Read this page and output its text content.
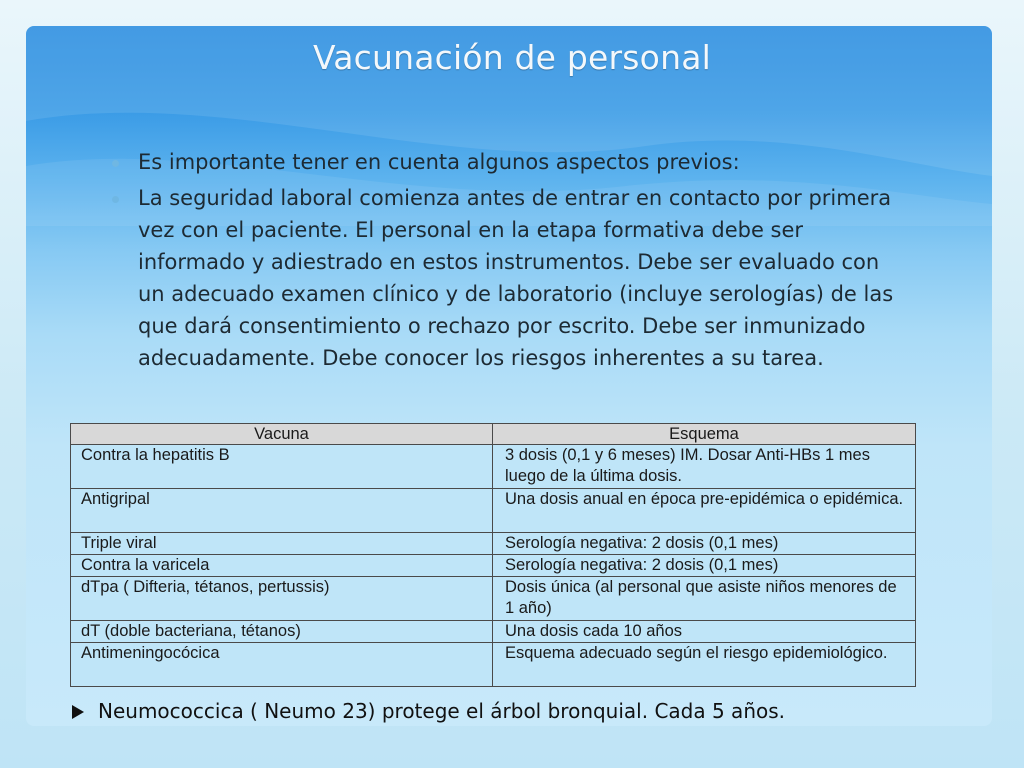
Vacunación de personal
Es importante tener en cuenta algunos aspectos previos:
La seguridad laboral comienza antes de entrar en contacto por primera vez con el paciente. El personal en la etapa formativa debe ser informado y adiestrado en estos instrumentos. Debe ser evaluado con un adecuado examen clínico y de laboratorio (incluye serologías) de las que dará consentimiento o rechazo por escrito. Debe ser inmunizado adecuadamente. Debe conocer los riesgos inherentes a su tarea.
Vacuna	Esquema
Contra la hepatitis B	3 dosis (0,1 y 6 meses) IM. Dosar Anti-HBs 1 mes luego de la última dosis.
Antigripal	Una dosis anual en época pre-epidémica o epidémica.
Triple viral	Serología negativa: 2 dosis (0,1 mes)
Contra la varicela	Serología negativa: 2 dosis (0,1 mes)
dTpa ( Difteria, tétanos, pertussis)	Dosis única (al personal que asiste niños menores de 1 año)
dT (doble bacteriana, tétanos)	Una dosis cada 10 años
Antimeningocócica	Esquema adecuado según el riesgo epidemiológico.
Neumococcica ( Neumo 23) protege el árbol bronquial. Cada 5 años.
